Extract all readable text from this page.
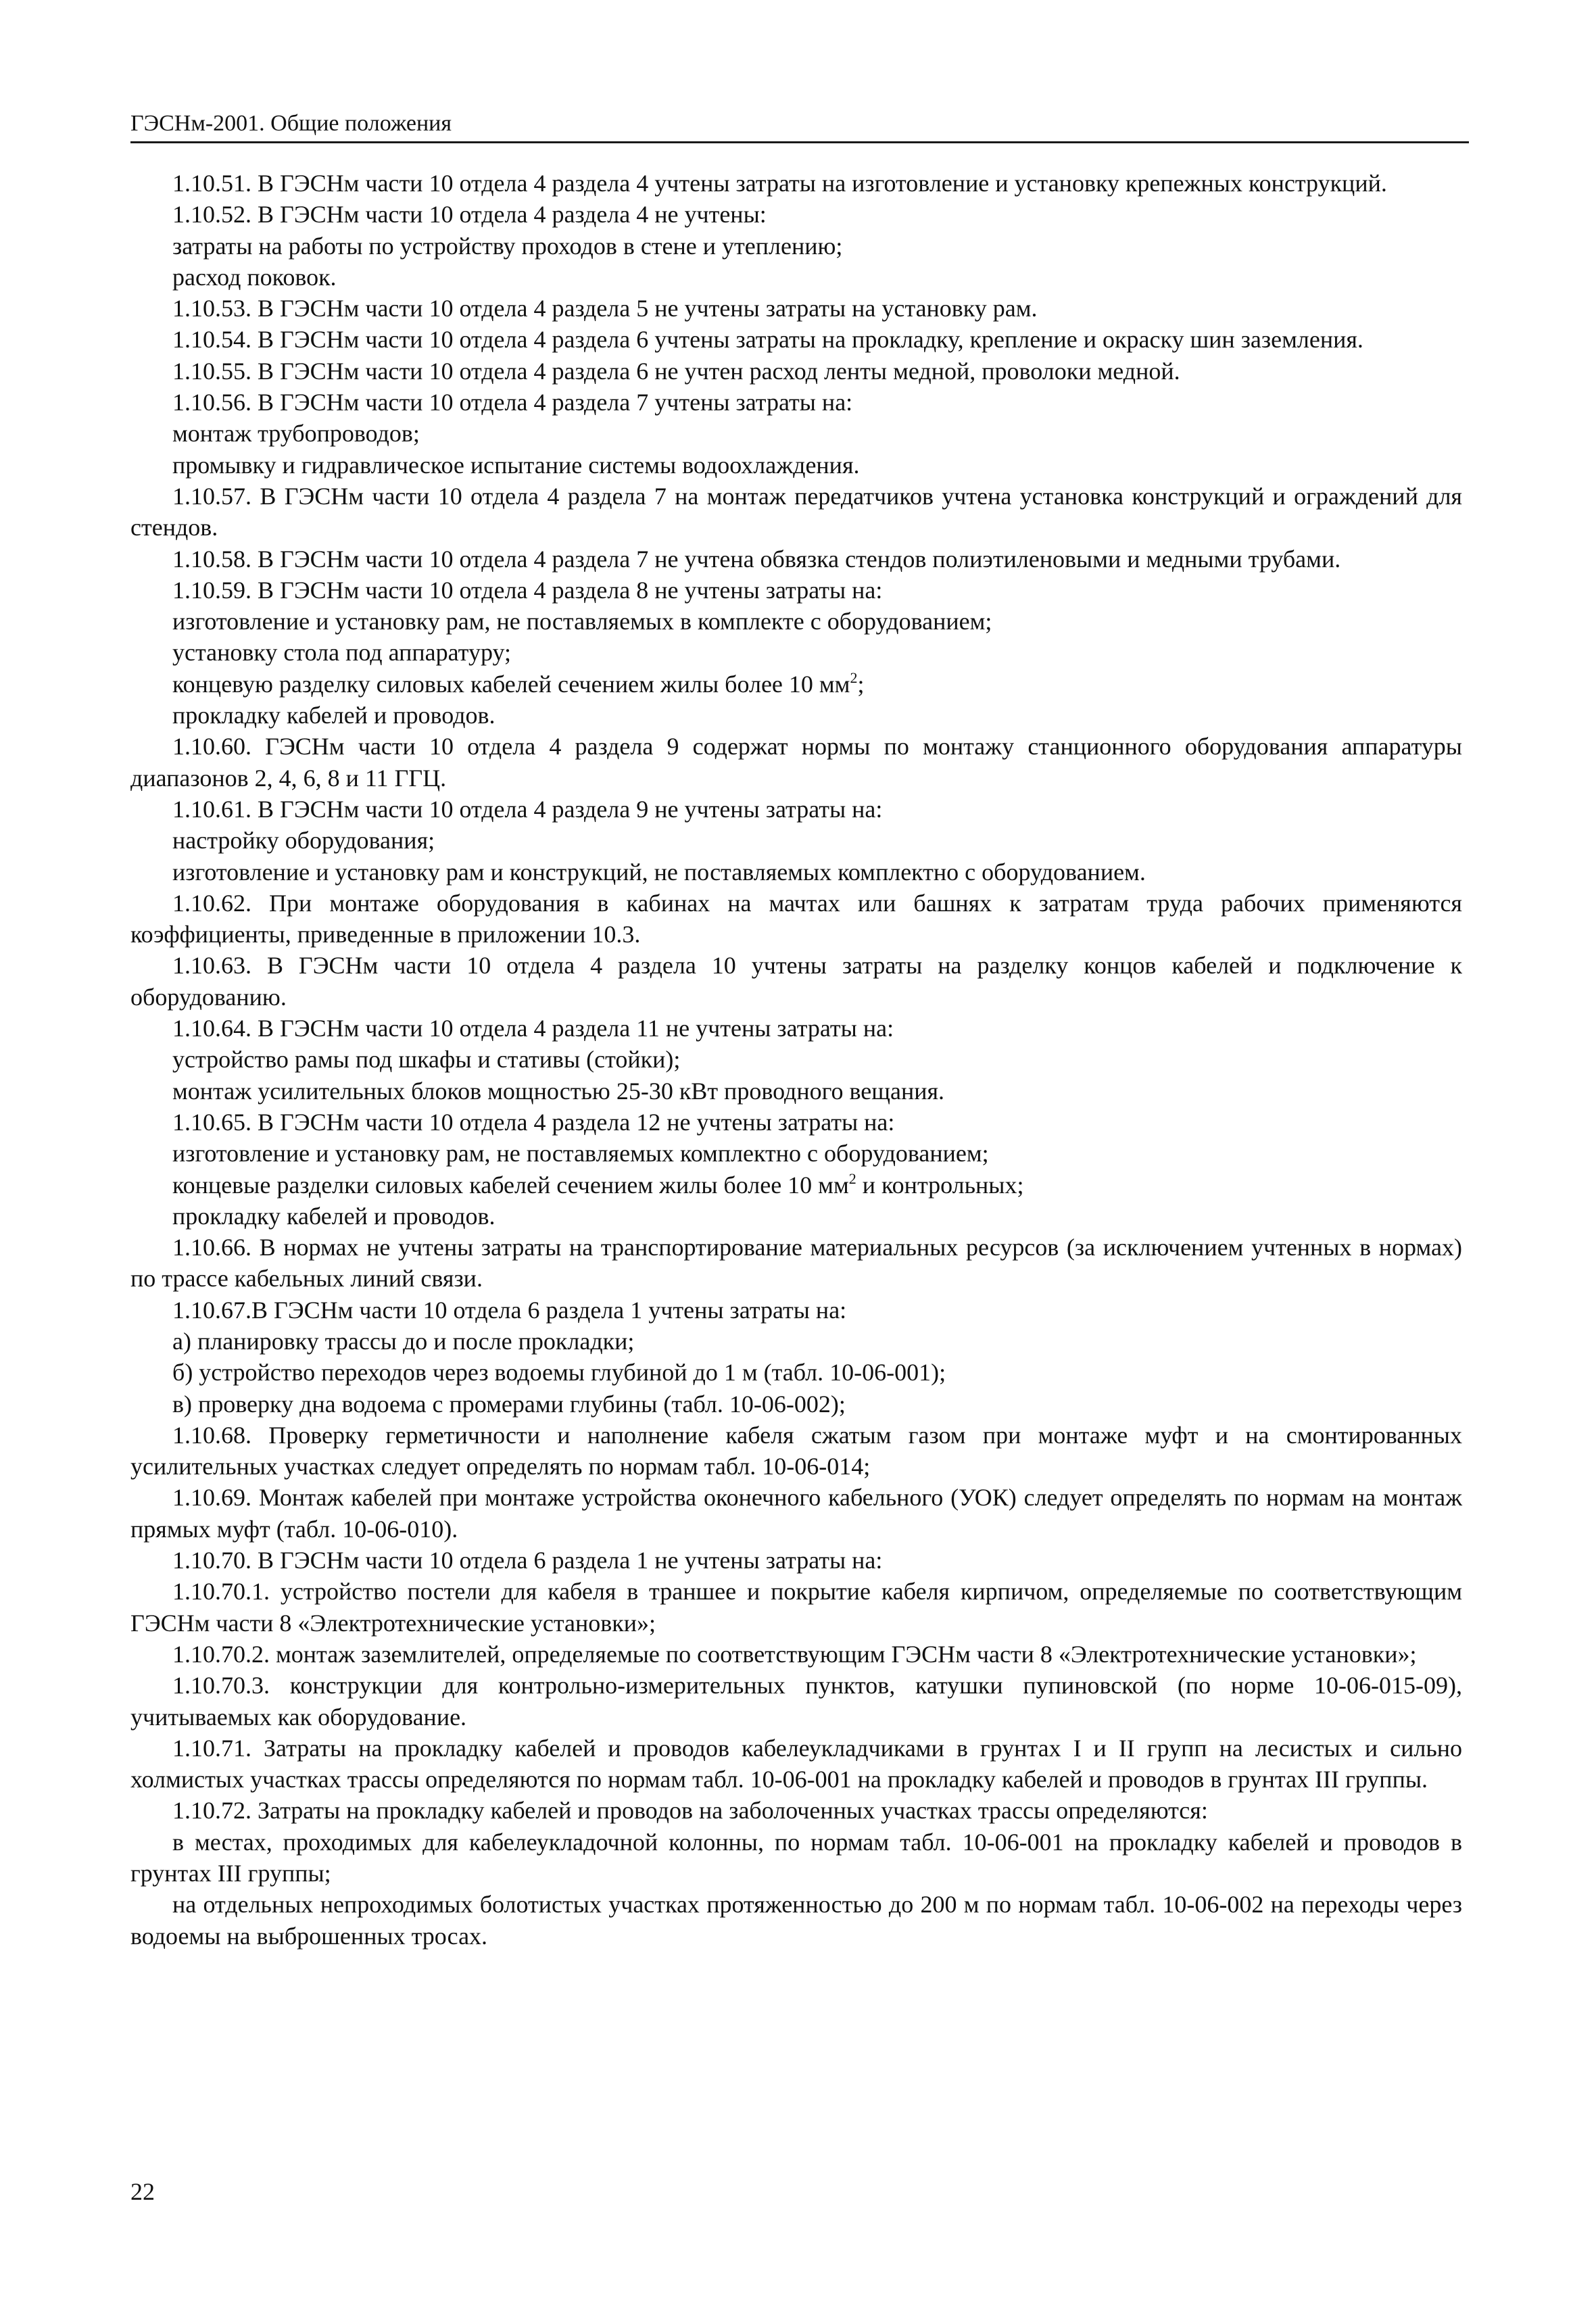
ГЭСНм-2001. Общие положения

1.10.51. В ГЭСНм части 10 отдела 4 раздела 4 учтены затраты на изготовление и установку крепежных конструкций.

1.10.52. В ГЭСНм части 10 отдела 4 раздела 4 не учтены:

затраты на работы по устройству проходов в стене и утеплению;

расход поковок.

1.10.53. В ГЭСНм части 10 отдела 4 раздела 5 не учтены затраты на установку рам.

1.10.54. В ГЭСНм части 10 отдела 4 раздела 6 учтены затраты на прокладку, крепление и окраску шин заземления.

1.10.55. В ГЭСНм части 10 отдела 4 раздела 6 не учтен расход ленты медной, проволоки медной.

1.10.56. В ГЭСНм части 10 отдела 4 раздела 7 учтены затраты на:

монтаж трубопроводов;

промывку и гидравлическое испытание системы водоохлаждения.

1.10.57. В ГЭСНм части 10 отдела 4 раздела 7 на монтаж передатчиков учтена установка конструкций и ограждений для стендов.

1.10.58. В ГЭСНм части 10 отдела 4 раздела 7 не учтена обвязка стендов полиэтиленовыми и медными трубами.

1.10.59. В ГЭСНм части 10 отдела 4 раздела 8 не учтены затраты на:

изготовление и установку рам, не поставляемых в комплекте с оборудованием;

установку стола под аппаратуру;

концевую разделку силовых кабелей сечением жилы более 10 $мм^2$;

прокладку кабелей и проводов.

1.10.60. ГЭСНм части 10 отдела 4 раздела 9 содержат нормы по монтажу станционного оборудования аппаратуры диапазонов 2, 4, 6, 8 и 11 ГГЦ.

1.10.61. В ГЭСНм части 10 отдела 4 раздела 9 не учтены затраты на:

настройку оборудования;

изготовление и установку рам и конструкций, не поставляемых комплектно с оборудованием.

1.10.62. При монтаже оборудования в кабинах на мачтах или башнях к затратам труда рабочих применяются коэффициенты, приведенные в приложении 10.3.

1.10.63. В ГЭСНм части 10 отдела 4 раздела 10 учтены затраты на разделку концов кабелей и подключение к оборудованию.

1.10.64. В ГЭСНм части 10 отдела 4 раздела 11 не учтены затраты на:

устройство рамы под шкафы и стативы (стойки);

монтаж усилительных блоков мощностью 25-30 кВт проводного вещания.

1.10.65. В ГЭСНм части 10 отдела 4 раздела 12 не учтены затраты на:

изготовление и установку рам, не поставляемых комплектно с оборудованием;

концевые разделки силовых кабелей сечением жилы более 10 $мм^2$ и контрольных;

прокладку кабелей и проводов.

1.10.66. В нормах не учтены затраты на транспортирование материальных ресурсов (за исключением учтенных в нормах) по трассе кабельных линий связи.

1.10.67.В ГЭСНм части 10 отдела 6 раздела 1 учтены затраты на:

а) планировку трассы до и после прокладки;

б) устройство переходов через водоемы глубиной до 1 м (табл. 10-06-001);

в) проверку дна водоема с промерами глубины (табл. 10-06-002);

1.10.68. Проверку герметичности и наполнение кабеля сжатым газом при монтаже муфт и на смонтированных усилительных участках следует определять по нормам табл. 10-06-014;

1.10.69. Монтаж кабелей при монтаже устройства оконечного кабельного (УОК) следует определять по нормам на монтаж прямых муфт (табл. 10-06-010).

1.10.70. В ГЭСНм части 10 отдела 6 раздела 1 не учтены затраты на:

1.10.70.1. устройство постели для кабеля в траншее и покрытие кабеля кирпичом, определяемые по соответствующим ГЭСНм части 8 «Электротехнические установки»;

1.10.70.2. монтаж заземлителей, определяемые по соответствующим ГЭСНм части 8 «Электротехнические установки»;

1.10.70.3. конструкции для контрольно-измерительных пунктов, катушки пупиновской (по норме 10-06-015-09), учитываемых как оборудование.

1.10.71. Затраты на прокладку кабелей и проводов кабелеукладчиками в грунтах I и II групп на лесистых и сильно холмистых участках трассы определяются по нормам табл. 10-06-001 на прокладку кабелей и проводов в грунтах III группы.

1.10.72. Затраты на прокладку кабелей и проводов на заболоченных участках трассы определяются:

в местах, проходимых для кабелеукладочной колонны, по нормам табл. 10-06-001 на прокладку кабелей и проводов в грунтах III группы;

на отдельных непроходимых болотистых участках протяженностью до 200 м по нормам табл. 10-06-002 на переходы через водоемы на выброшенных тросах.

22
